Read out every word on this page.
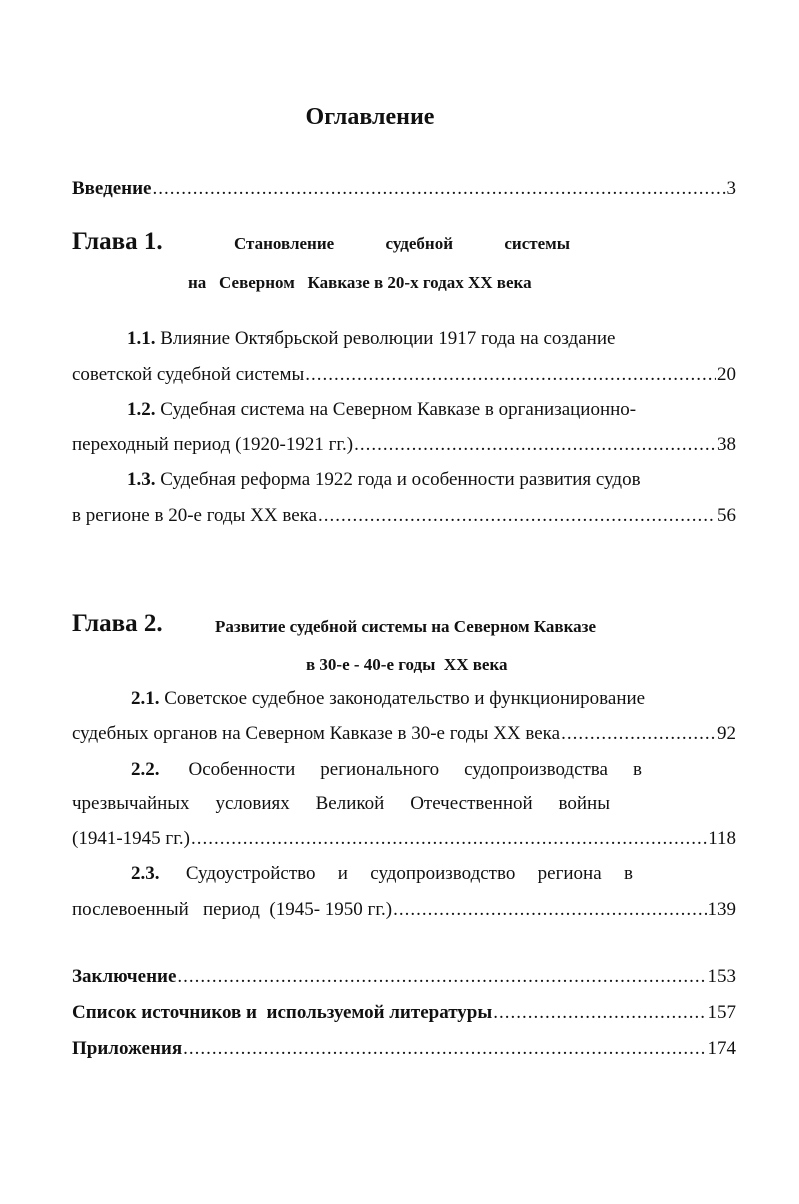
Оглавление
Введение .....	3
Глава 1.	Становление	судебной	системы
на   Северном   Кавказе в 20-х годах XX века
1.1. Влияние Октябрьской революции 1917 года на создание
советской судебной системы .....	20
1.2. Судебная система на Северном Кавказе в организационно-
переходный период (1920-1921 гг.) .....	38
1.3. Судебная реформа 1922 года и особенности развития судов
в регионе в 20-е годы XX века .....	56
Глава 2.	Развитие судебной системы на Северном Кавказе
в 30-е - 40-е годы  XX века
2.1. Советское судебное законодательство и функционирование
судебных органов на Северном Кавказе в 30-е годы XX века .....	92
2.2. Особенности регионального судопроизводства в
чрезвычайных условиях Великой Отечественной войны
(1941-1945 гг.) .....	118
2.3. Судоустройство и судопроизводство региона в
послевоенный   период  (1945- 1950 гг.) .....	139
Заключение .....	153
Список источников и  используемой литературы .....	157
Приложения .....	174
